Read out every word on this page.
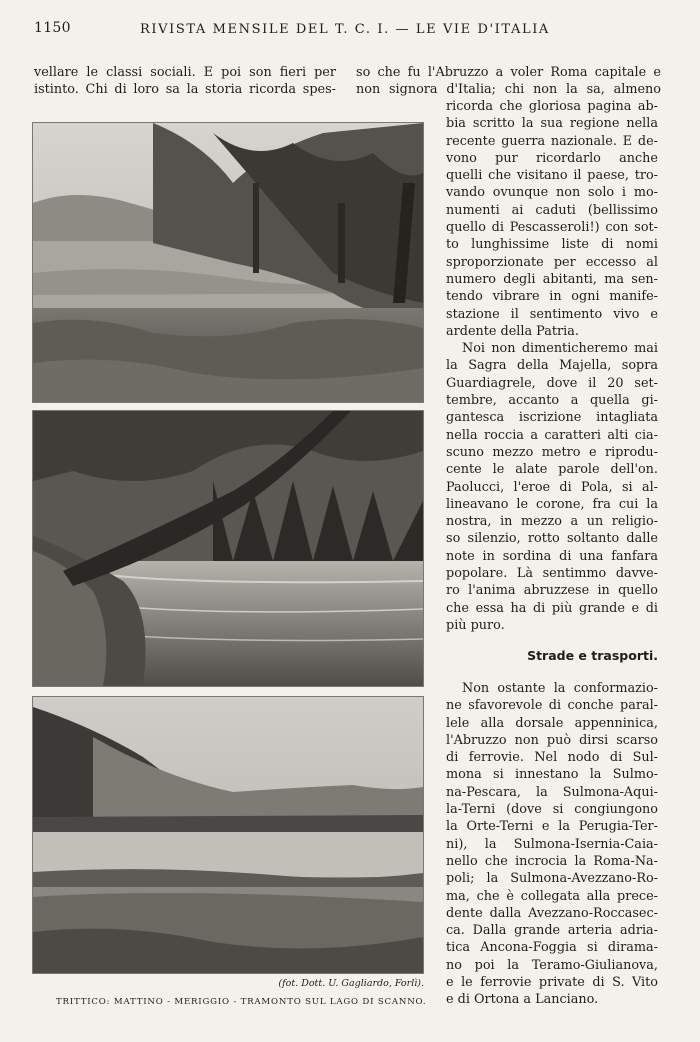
1150	RIVISTA MENSILE DEL T. C. I. — LE VIE D'ITALIA
vellare le classi sociali. E poi son fieri per
istinto. Chi di loro sa la storia ricorda spes-
so che fu l'Abruzzo a voler Roma capitale e
non signora d'Italia; chi non la sa, almeno
(fot. Dott. U. Gagliardo, Forlì).
TRITTICO: MATTINO - MERIGGIO - TRAMONTO SUL LAGO DI SCANNO.
ricorda che gloriosa pagina ab-
bia scritto la sua regione nella
recente guerra nazionale. E de-
vono pur ricordarlo anche
quelli che visitano il paese, tro-
vando ovunque non solo i mo-
numenti ai caduti (bellissimo
quello di Pescasseroli!) con sot-
to lunghissime liste di nomi
sproporzionate per eccesso al
numero degli abitanti, ma sen-
tendo vibrare in ogni manife-
stazione il sentimento vivo e
ardente della Patria.
Noi non dimenticheremo mai
la Sagra della Majella, sopra
Guardiagrele, dove il 20 set-
tembre, accanto a quella gi-
gantesca iscrizione intagliata
nella roccia a caratteri alti cia-
scuno mezzo metro e riprodu-
cente le alate parole dell'on.
Paolucci, l'eroe di Pola, si al-
lineavano le corone, fra cui la
nostra, in mezzo a un religio-
so silenzio, rotto soltanto dalle
note in sordina di una fanfara
popolare. Là sentimmo davve-
ro l'anima abruzzese in quello
che essa ha di più grande e di
più puro.
Strade e trasporti.
Non ostante la conformazio-
ne sfavorevole di conche paral-
lele alla dorsale appenninica,
l'Abruzzo non può dirsi scarso
di ferrovie. Nel nodo di Sul-
mona si innestano la Sulmo-
na-Pescara, la Sulmona-Aqui-
la-Terni (dove si congiungono
la Orte-Terni e la Perugia-Ter-
ni), la Sulmona-Isernia-Caia-
nello che incrocia la Roma-Na-
poli; la Sulmona-Avezzano-Ro-
ma, che è collegata alla prece-
dente dalla Avezzano-Roccasec-
ca. Dalla grande arteria adria-
tica Ancona-Foggia si dirama-
no poi la Teramo-Giulianova,
e le ferrovie private di S. Vito
e di Ortona a Lanciano.
